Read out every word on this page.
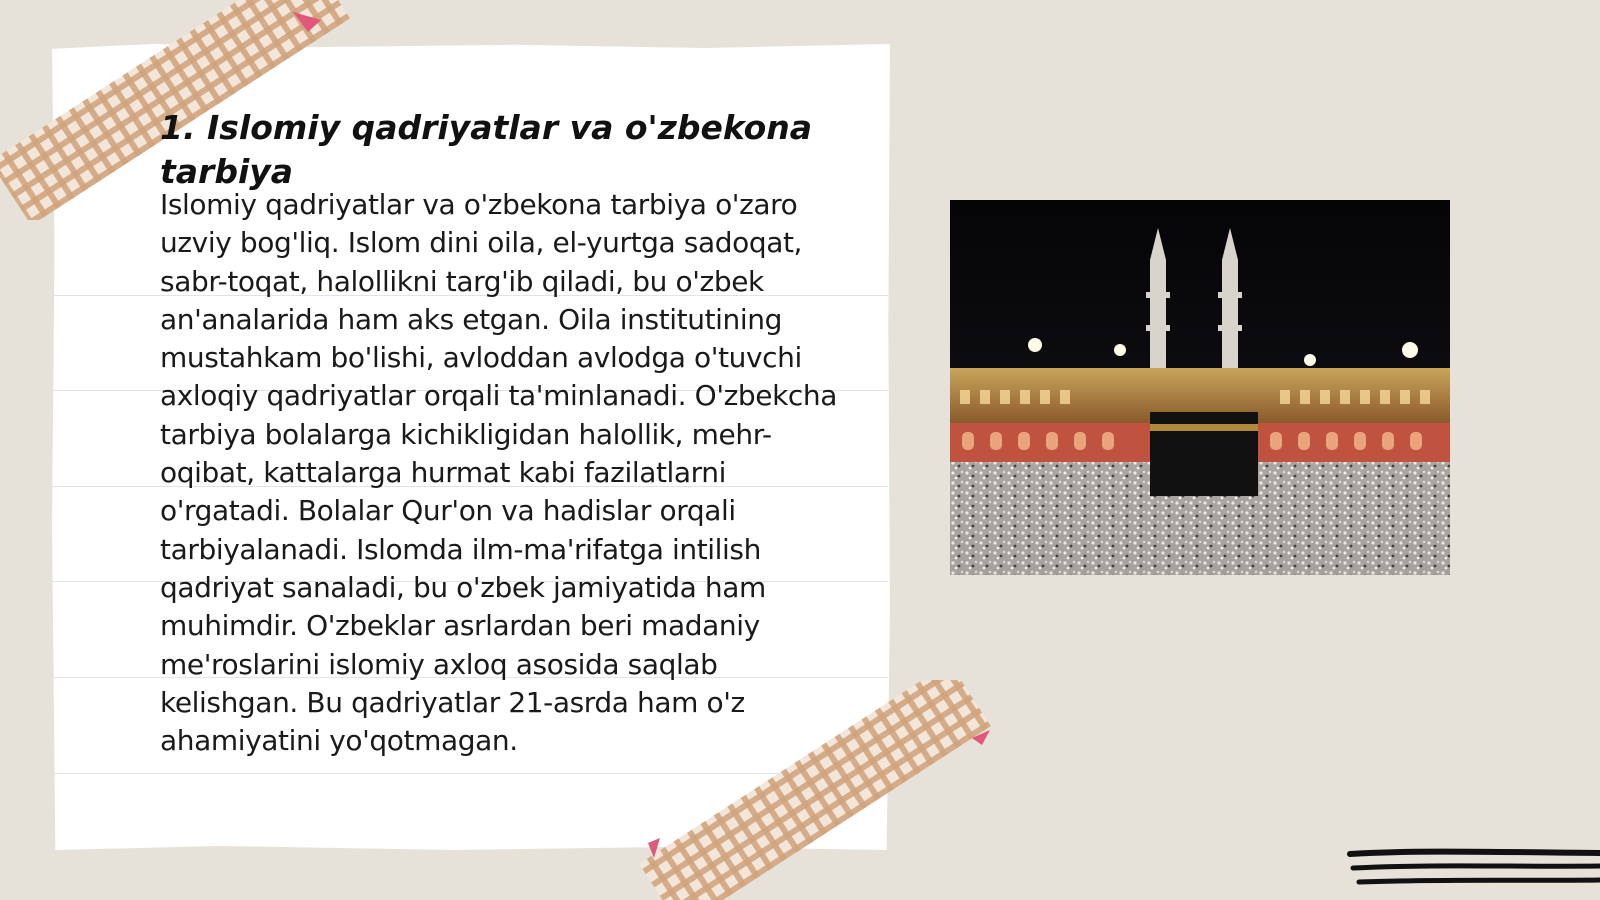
1. Islomiy qadriyatlar va o'zbekona tarbiya

Islomiy qadriyatlar va o'zbekona tarbiya o'zaro uzviy bog'liq. Islom dini oila, el-yurtga sadoqat, sabr-toqat, halollikni targ'ib qiladi, bu o'zbek an'analarida ham aks etgan. Oila institutining mustahkam bo'lishi, avloddan avlodga o'tuvchi axloqiy qadriyatlar orqali ta'minlanadi. O'zbekcha tarbiya bolalarga kichikligidan halollik, mehr-oqibat, kattalarga hurmat kabi fazilatlarni o'rgatadi. Bolalar Qur'on va hadislar orqali tarbiyalanadi. Islomda ilm-ma'rifatga intilish qadriyat sanaladi, bu o'zbek jamiyatida ham muhimdir. O'zbeklar asrlardan beri madaniy me'roslarini islomiy axloq asosida saqlab kelishgan. Bu qadriyatlar 21-asrda ham o'z ahamiyatini yo'qotmagan.
